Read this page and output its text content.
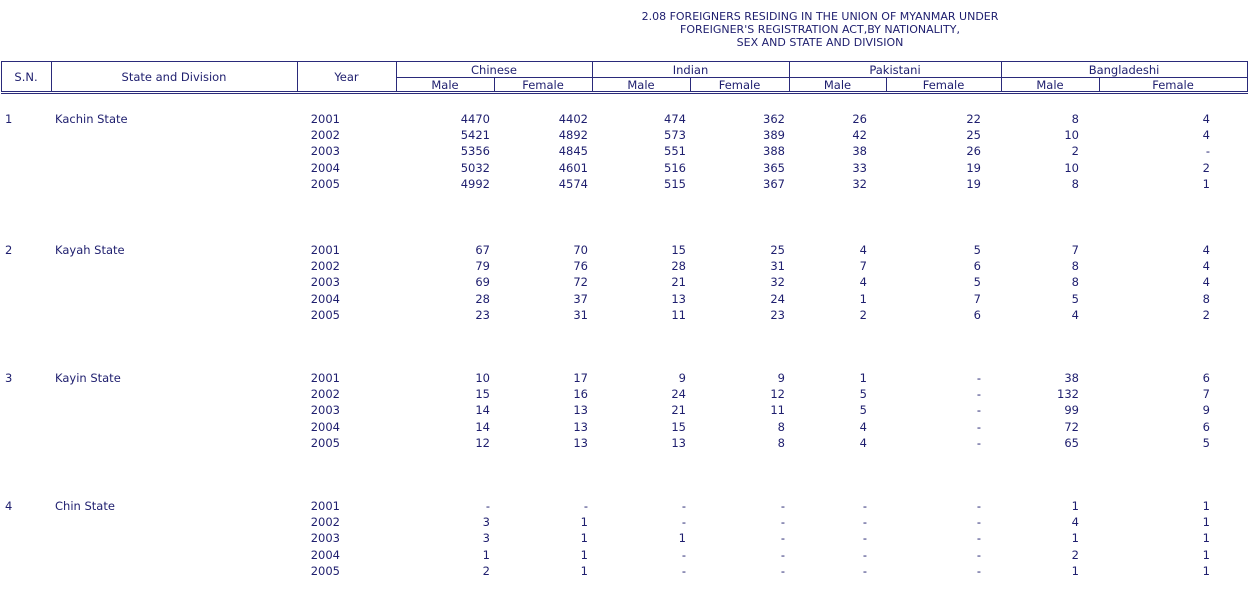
2.08 FOREIGNERS RESIDING IN THE UNION OF MYANMAR UNDER
FOREIGNER'S REGISTRATION ACT,BY NATIONALITY,
SEX AND STATE AND DIVISION
S.N.	State and Division	Year	Chinese	Indian	Pakistani	Bangladeshi
Male	Female	Male	Female	Male	Female	Male	Female
1	Kachin State	2001	4470	4402	474	362	26	22	8	4
2002	5421	4892	573	389	42	25	10	4
2003	5356	4845	551	388	38	26	2	-
2004	5032	4601	516	365	33	19	10	2
2005	4992	4574	515	367	32	19	8	1
2	Kayah State	2001	67	70	15	25	4	5	7	4
2002	79	76	28	31	7	6	8	4
2003	69	72	21	32	4	5	8	4
2004	28	37	13	24	1	7	5	8
2005	23	31	11	23	2	6	4	2
3	Kayin State	2001	10	17	9	9	1	-	38	6
2002	15	16	24	12	5	-	132	7
2003	14	13	21	11	5	-	99	9
2004	14	13	15	8	4	-	72	6
2005	12	13	13	8	4	-	65	5
4	Chin State	2001	-	-	-	-	-	-	1	1
2002	3	1	-	-	-	-	4	1
2003	3	1	1	-	-	-	1	1
2004	1	1	-	-	-	-	2	1
2005	2	1	-	-	-	-	1	1
